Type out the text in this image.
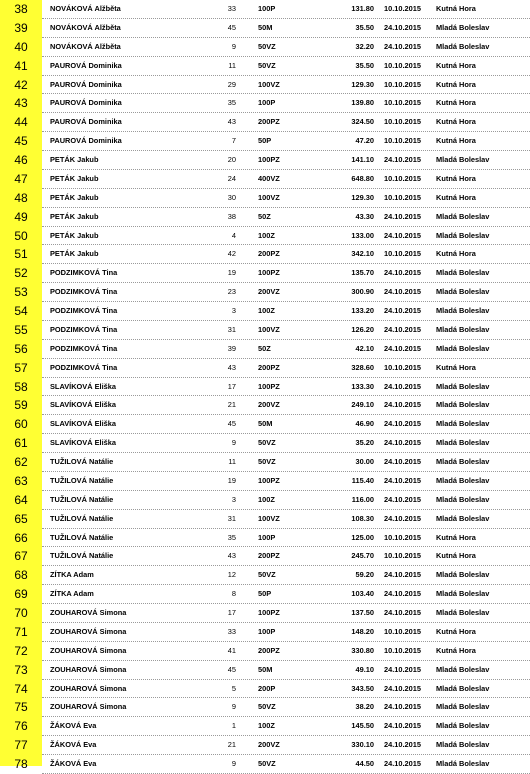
38	NOVÁKOVÁ Alžběta	33	100P	131.80 10.10.2015 Kutná Hora
39	NOVÁKOVÁ Alžběta	45	50M	35.50 24.10.2015 Mladá Boleslav
40	NOVÁKOVÁ Alžběta	9	50VZ	32.20 24.10.2015 Mladá Boleslav
41	PAUROVÁ Dominika	11	50VZ	35.50 10.10.2015 Kutná Hora
42	PAUROVÁ Dominika	29	100VZ	129.30 10.10.2015 Kutná Hora
43	PAUROVÁ Dominika	35	100P	139.80 10.10.2015 Kutná Hora
44	PAUROVÁ Dominika	43	200PZ	324.50 10.10.2015 Kutná Hora
45	PAUROVÁ Dominika	7	50P	47.20 10.10.2015 Kutná Hora
46	PETÁK Jakub	20	100PZ	141.10 24.10.2015 Mladá Boleslav
47	PETÁK Jakub	24	400VZ	648.80 10.10.2015 Kutná Hora
48	PETÁK Jakub	30	100VZ	129.30 10.10.2015 Kutná Hora
49	PETÁK Jakub	38	50Z	43.30 24.10.2015 Mladá Boleslav
50	PETÁK Jakub	4	100Z	133.00 24.10.2015 Mladá Boleslav
51	PETÁK Jakub	42	200PZ	342.10 10.10.2015 Kutná Hora
52	PODZIMKOVÁ Tina	19	100PZ	135.70 24.10.2015 Mladá Boleslav
53	PODZIMKOVÁ Tina	23	200VZ	300.90 24.10.2015 Mladá Boleslav
54	PODZIMKOVÁ Tina	3	100Z	133.20 24.10.2015 Mladá Boleslav
55	PODZIMKOVÁ Tina	31	100VZ	126.20 24.10.2015 Mladá Boleslav
56	PODZIMKOVÁ Tina	39	50Z	42.10 24.10.2015 Mladá Boleslav
57	PODZIMKOVÁ Tina	43	200PZ	328.60 10.10.2015 Kutná Hora
58	SLAVÍKOVÁ Eliška	17	100PZ	133.30 24.10.2015 Mladá Boleslav
59	SLAVÍKOVÁ Eliška	21	200VZ	249.10 24.10.2015 Mladá Boleslav
60	SLAVÍKOVÁ Eliška	45	50M	46.90 24.10.2015 Mladá Boleslav
61	SLAVÍKOVÁ Eliška	9	50VZ	35.20 24.10.2015 Mladá Boleslav
62	TUŽILOVÁ Natálie	11	50VZ	30.00 24.10.2015 Mladá Boleslav
63	TUŽILOVÁ Natálie	19	100PZ	115.40 24.10.2015 Mladá Boleslav
64	TUŽILOVÁ Natálie	3	100Z	116.00 24.10.2015 Mladá Boleslav
65	TUŽILOVÁ Natálie	31	100VZ	108.30 24.10.2015 Mladá Boleslav
66	TUŽILOVÁ Natálie	35	100P	125.00 10.10.2015 Kutná Hora
67	TUŽILOVÁ Natálie	43	200PZ	245.70 10.10.2015 Kutná Hora
68	ZÍTKA Adam	12	50VZ	59.20 24.10.2015 Mladá Boleslav
69	ZÍTKA Adam	8	50P	103.40 24.10.2015 Mladá Boleslav
70	ZOUHAROVÁ Simona	17	100PZ	137.50 24.10.2015 Mladá Boleslav
71	ZOUHAROVÁ Simona	33	100P	148.20 10.10.2015 Kutná Hora
72	ZOUHAROVÁ Simona	41	200PZ	330.80 10.10.2015 Kutná Hora
73	ZOUHAROVÁ Simona	45	50M	49.10 24.10.2015 Mladá Boleslav
74	ZOUHAROVÁ Simona	5	200P	343.50 24.10.2015 Mladá Boleslav
75	ZOUHAROVÁ Simona	9	50VZ	38.20 24.10.2015 Mladá Boleslav
76	ŽÁKOVÁ Eva	1	100Z	145.50 24.10.2015 Mladá Boleslav
77	ŽÁKOVÁ Eva	21	200VZ	330.10 24.10.2015 Mladá Boleslav
78	ŽÁKOVÁ Eva	9	50VZ	44.50 24.10.2015 Mladá Boleslav
